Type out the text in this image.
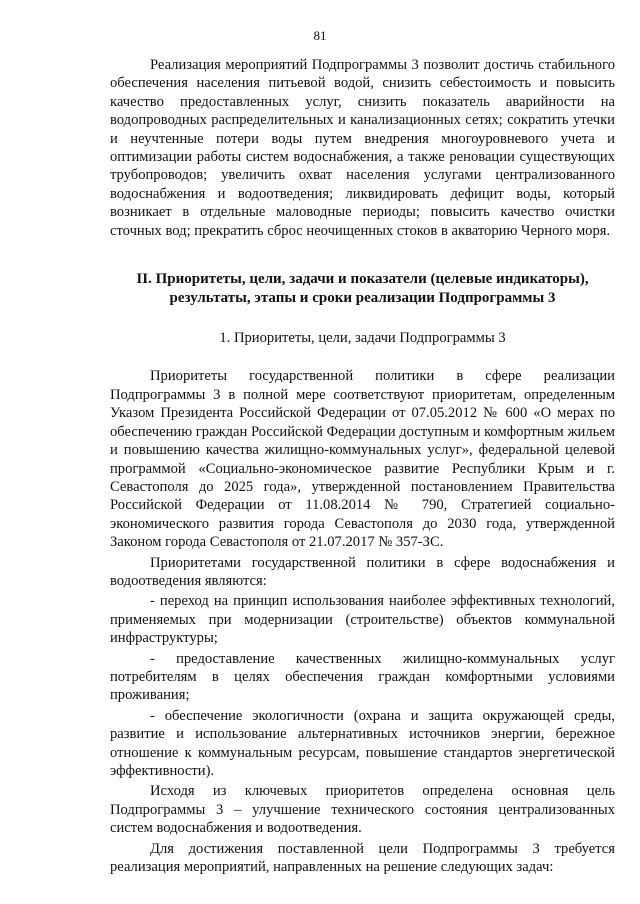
81

Реализация мероприятий Подпрограммы 3 позволит достичь стабильного обеспечения населения питьевой водой, снизить себестоимость и повысить качество предоставленных услуг, снизить показатель аварийности на водопроводных распределительных и канализационных сетях; сократить утечки и неучтенные потери воды путем внедрения многоуровневого учета и оптимизации работы систем водоснабжения, а также реновации существующих трубопроводов; увеличить охват населения услугами централизованного водоснабжения и водоотведения; ликвидировать дефицит воды, который возникает в отдельные маловодные периоды; повысить качество очистки сточных вод; прекратить сброс неочищенных стоков в акваторию Черного моря.

II. Приоритеты, цели, задачи и показатели (целевые индикаторы),
результаты, этапы и сроки реализации Подпрограммы 3
1. Приоритеты, цели, задачи Подпрограммы 3

Приоритеты государственной политики в сфере реализации Подпрограммы 3 в полной мере соответствуют приоритетам, определенным Указом Президента Российской Федерации от 07.05.2012 № 600 «О мерах по обеспечению граждан Российской Федерации доступным и комфортным жильем и повышению качества жилищно-коммунальных услуг», федеральной целевой программой «Социально-экономическое развитие Республики Крым и г. Севастополя до 2025 года», утвержденной постановлением Правительства Российской Федерации от 11.08.2014 № 790, Стратегией социально-экономического развития города Севастополя до 2030 года, утвержденной Законом города Севастополя от 21.07.2017 № 357-ЗС.

Приоритетами государственной политики в сфере водоснабжения и водоотведения являются:

- переход на принцип использования наиболее эффективных технологий, применяемых при модернизации (строительстве) объектов коммунальной инфраструктуры;

- предоставление качественных жилищно-коммунальных услуг потребителям в целях обеспечения граждан комфортными условиями проживания;

- обеспечение экологичности (охрана и защита окружающей среды, развитие и использование альтернативных источников энергии, бережное отношение к коммунальным ресурсам, повышение стандартов энергетической эффективности).

Исходя из ключевых приоритетов определена основная цель Подпрограммы 3 – улучшение технического состояния централизованных систем водоснабжения и водоотведения.

Для достижения поставленной цели Подпрограммы 3 требуется реализация мероприятий, направленных на решение следующих задач:
